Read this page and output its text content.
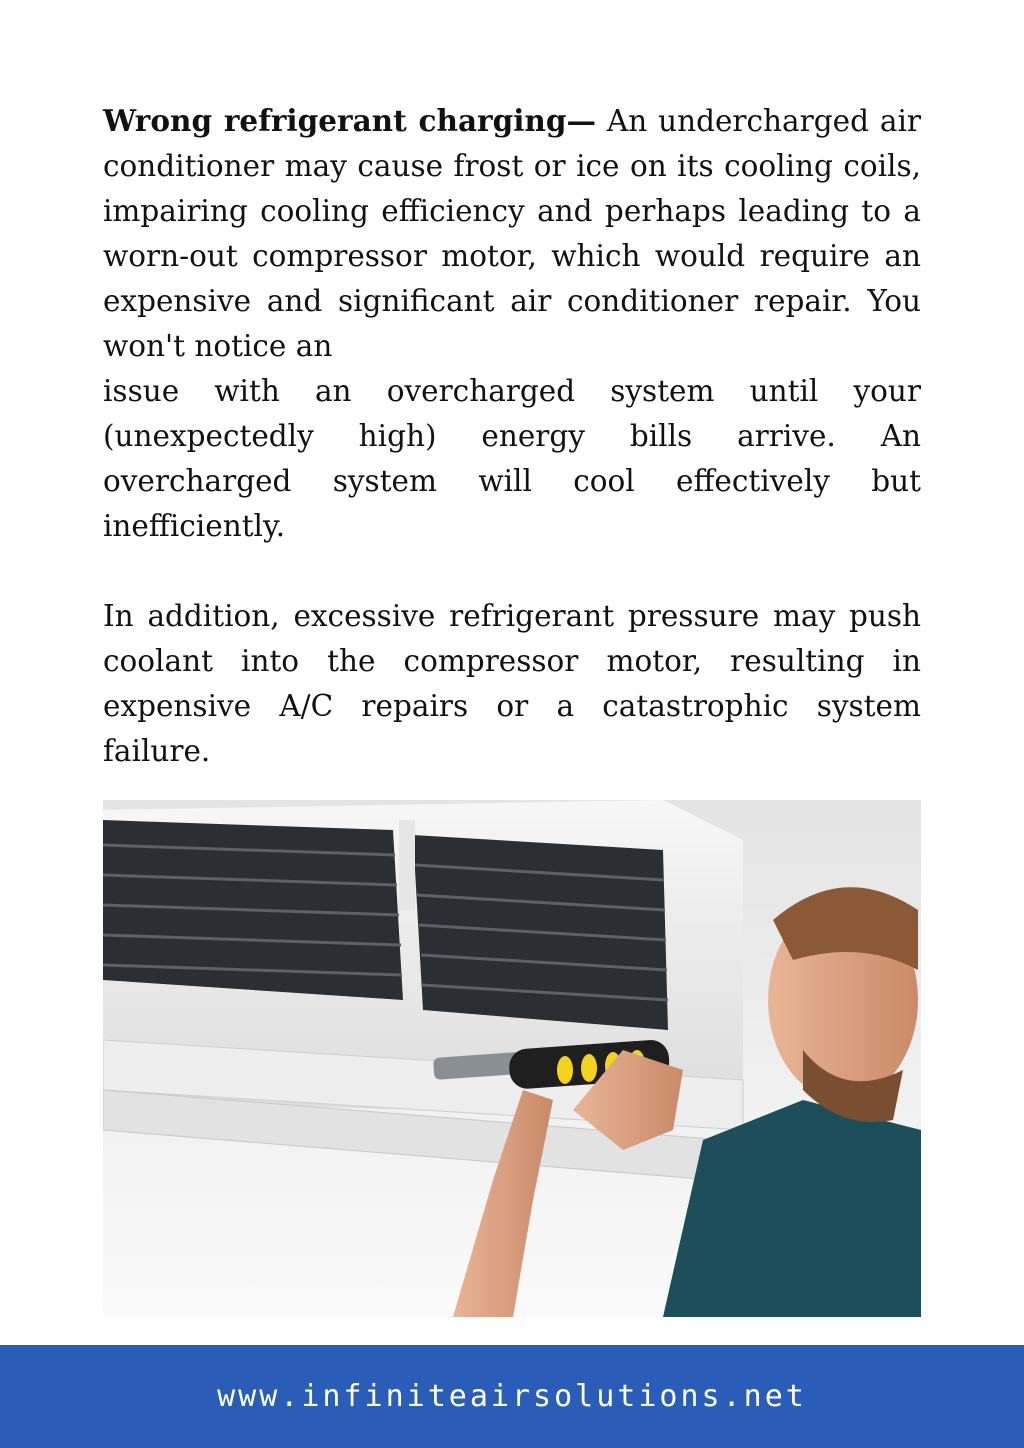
Wrong refrigerant charging— An undercharged air conditioner may cause frost or ice on its cooling coils, impairing cooling efficiency and perhaps leading to a worn-out compressor motor, which would require an expensive and significant air conditioner repair. You won't notice an

issue with an overcharged system until your (unexpectedly high) energy bills arrive. An overcharged system will cool effectively but inefficiently.

In addition, excessive refrigerant pressure may push coolant into the compressor motor, resulting in expensive A/C repairs or a catastrophic system failure.

www.infiniteairsolutions.net
